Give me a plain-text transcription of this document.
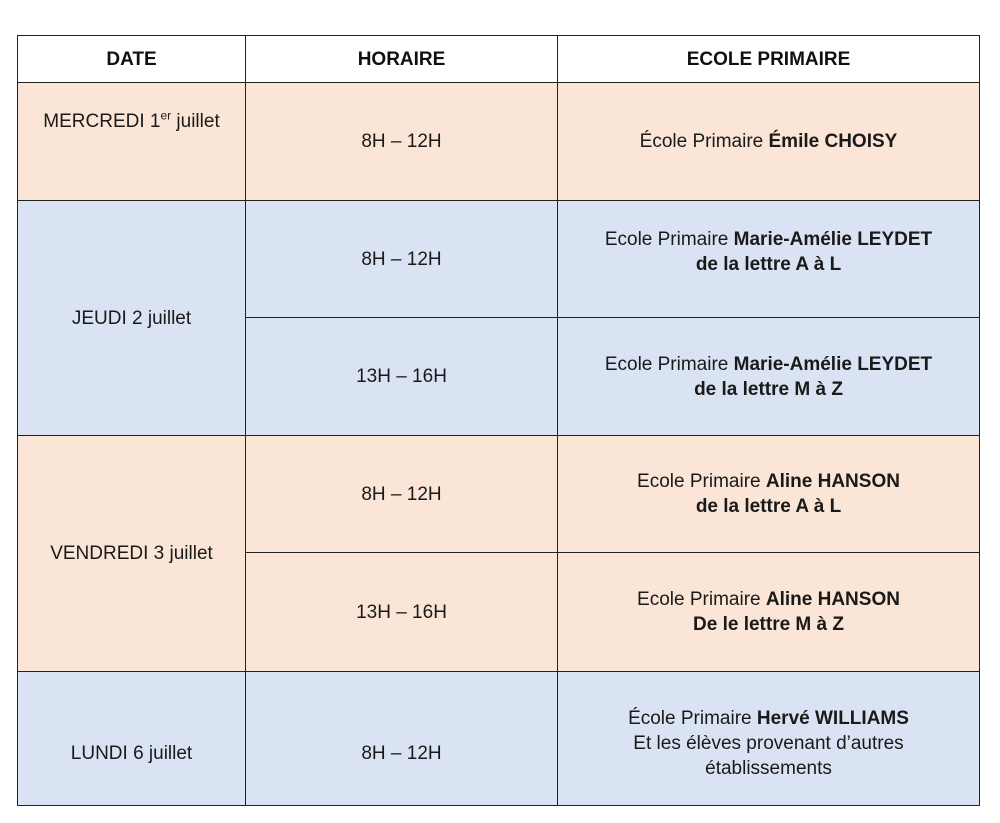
DATE	HORAIRE	ECOLE PRIMAIRE
MERCREDI 1er juillet	8H – 12H	École Primaire Émile CHOISY
JEUDI 2 juillet	8H – 12H	Ecole Primaire Marie-Amélie LEYDET
de la lettre A à L

	13H – 16H	Ecole Primaire Marie-Amélie LEYDET
de la lettre M à Z

VENDREDI 3 juillet	8H – 12H	Ecole Primaire Aline HANSON
de la lettre A à L

	13H – 16H	Ecole Primaire Aline HANSON
De le lettre M à Z

LUNDI 6 juillet	8H – 12H	École Primaire Hervé WILLIAMS
Et les élèves provenant d’autres
établissements
